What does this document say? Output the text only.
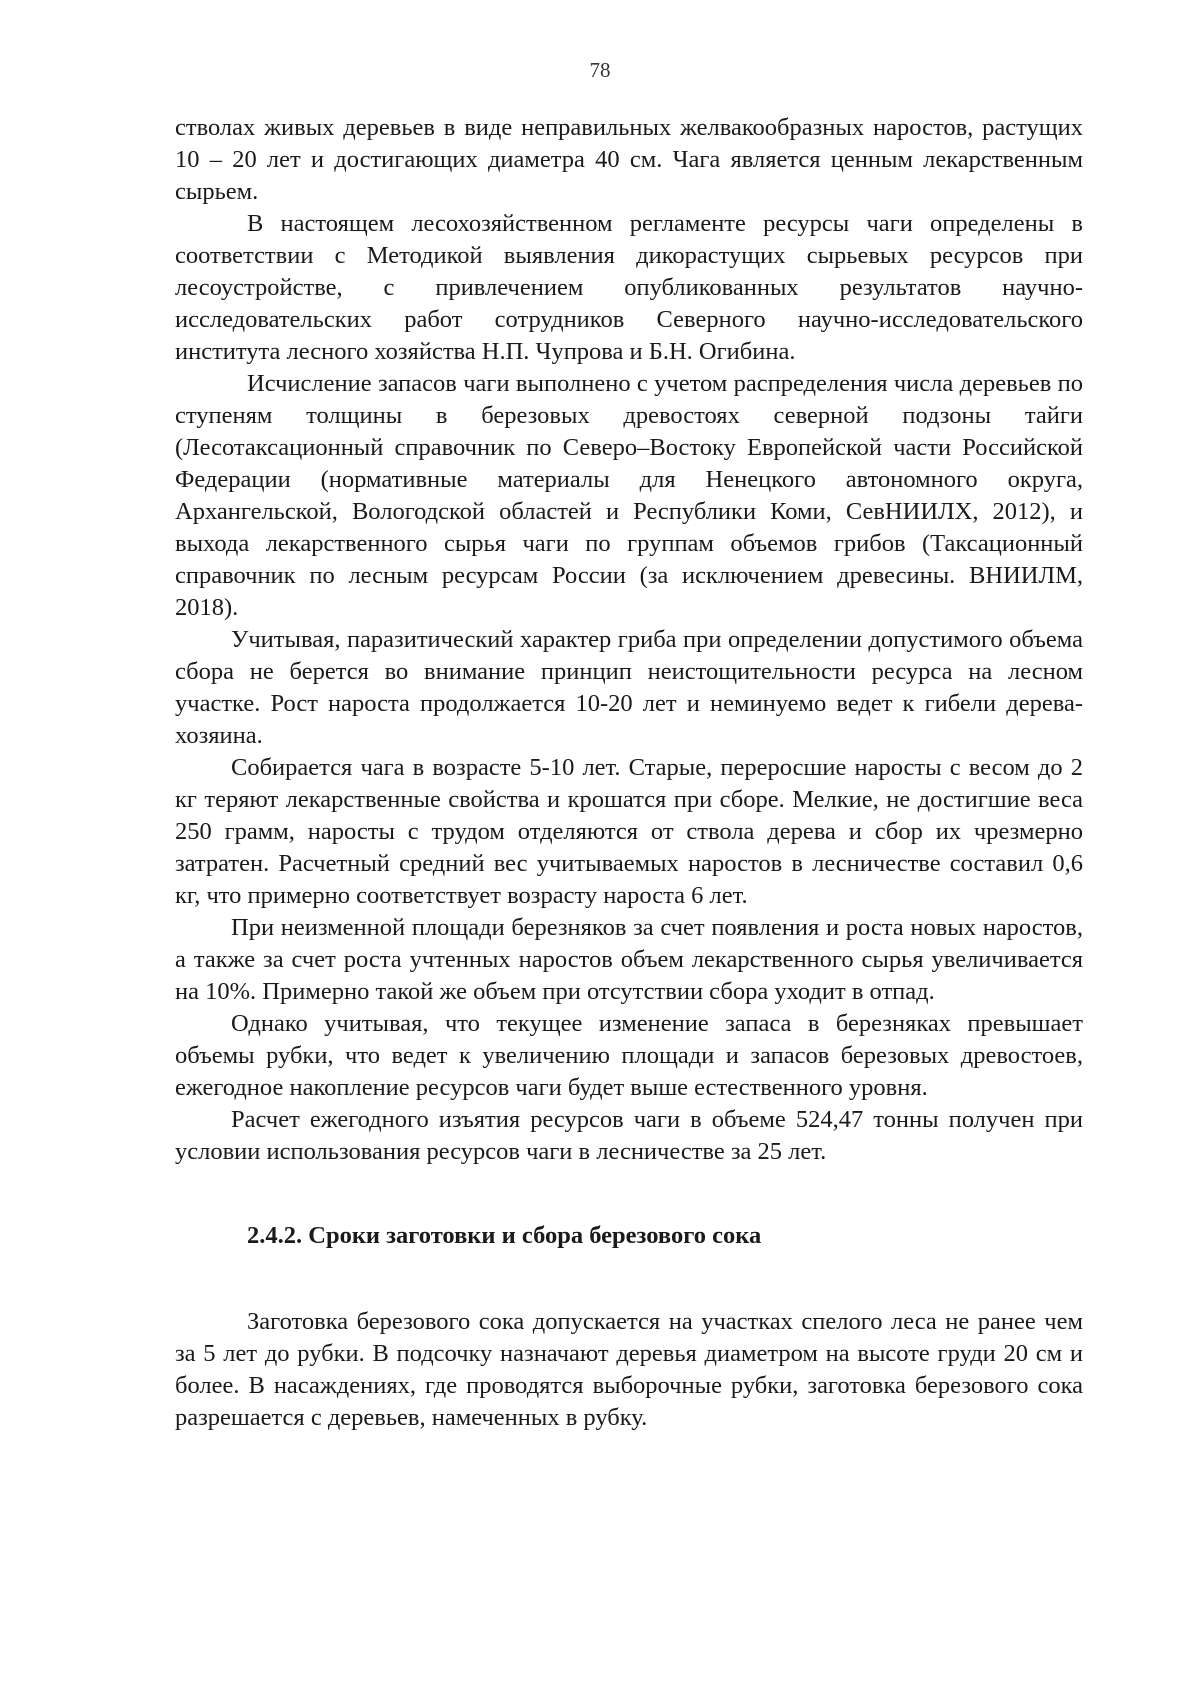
78

стволах живых деревьев в виде неправильных желвакообразных наростов, растущих 10 – 20 лет и достигающих диаметра 40 см. Чага является ценным лекарственным сырьем.

В настоящем лесохозяйственном регламенте ресурсы чаги определены в соответствии с Методикой выявления дикорастущих сырьевых ресурсов при лесоустройстве, с привлечением опубликованных результатов научно-исследовательских работ сотрудников Северного научно-исследовательского института лесного хозяйства Н.П. Чупрова и Б.Н. Огибина.

Исчисление запасов чаги выполнено с учетом распределения числа деревьев по ступеням толщины в березовых древостоях северной подзоны тайги (Лесотаксационный справочник по Северо–Востоку Европейской части Российской Федерации (нормативные материалы для Ненецкого автономного округа, Архангельской, Вологодской областей и Республики Коми, СевНИИЛХ, 2012), и выхода лекарственного сырья чаги по группам объемов грибов (Таксационный справочник по лесным ресурсам России (за исключением древесины. ВНИИЛМ, 2018).

Учитывая, паразитический характер гриба при определении допустимого объема сбора не берется во внимание принцип неистощительности ресурса на лесном участке. Рост нароста продолжается 10-20 лет и неминуемо ведет к гибели дерева-хозяина.

Собирается чага в возрасте 5-10 лет. Старые, переросшие наросты с весом до 2 кг теряют лекарственные свойства и крошатся при сборе. Мелкие, не достигшие веса 250 грамм, наросты с трудом отделяются от ствола дерева и сбор их чрезмерно затратен. Расчетный средний вес учитываемых наростов в лесничестве составил 0,6 кг, что примерно соответствует возрасту нароста 6 лет.

При неизменной площади березняков за счет появления и роста новых наростов, а также за счет роста учтенных наростов объем лекарственного сырья увеличивается на 10%. Примерно такой же объем при отсутствии сбора уходит в отпад.

Однако учитывая, что текущее изменение запаса в березняках превышает объемы рубки, что ведет к увеличению площади и запасов березовых древостоев, ежегодное накопление ресурсов чаги будет выше естественного уровня.

Расчет ежегодного изъятия ресурсов чаги в объеме 524,47 тонны получен при условии использования ресурсов чаги в лесничестве за 25 лет.

2.4.2. Сроки заготовки и сбора березового сока

Заготовка березового сока допускается на участках спелого леса не ранее чем за 5 лет до рубки. В подсочку назначают деревья диаметром на высоте груди 20 см и более. В насаждениях, где проводятся выборочные рубки, заготовка березового сока разрешается с деревьев, намеченных в рубку.
